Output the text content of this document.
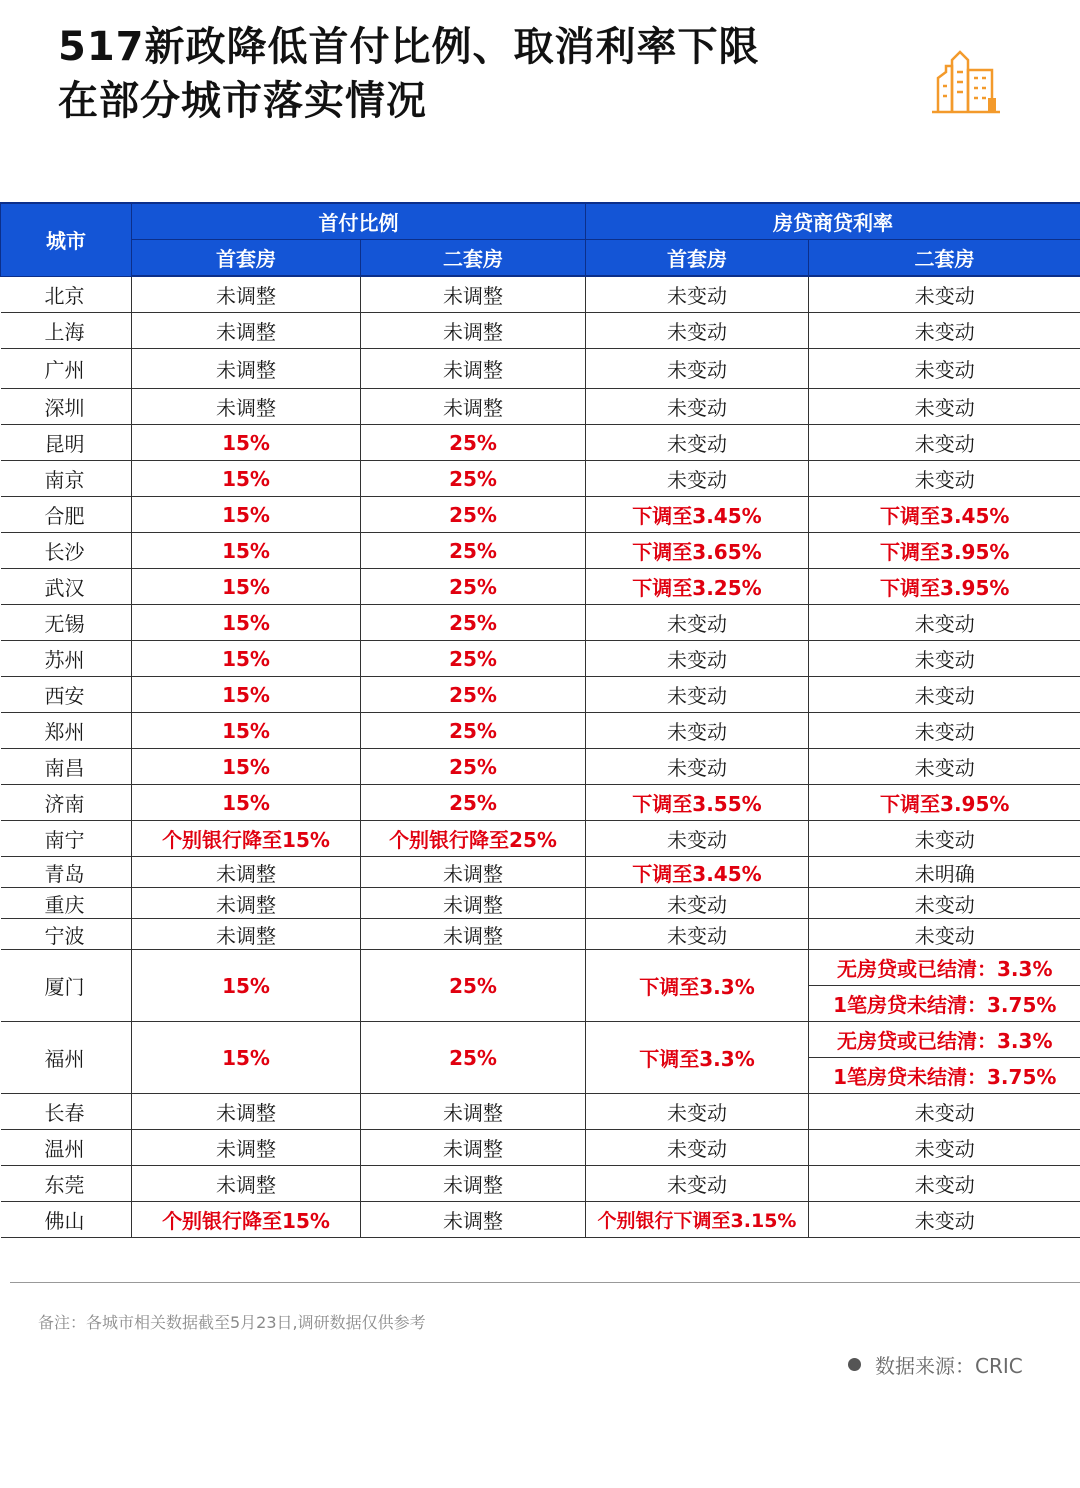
517新政降低首付比例、取消利率下限
在部分城市落实情况
城市	首付比例		房贷商贷利率	
	首套房	二套房	首套房	二套房
北京	未调整	未调整	未变动	未变动
上海	未调整	未调整	未变动	未变动
广州	未调整	未调整	未变动	未变动
深圳	未调整	未调整	未变动	未变动
昆明	15%	25%	未变动	未变动
南京	15%	25%	未变动	未变动
合肥	15%	25%	下调至3.45%	下调至3.45%
长沙	15%	25%	下调至3.65%	下调至3.95%
武汉	15%	25%	下调至3.25%	下调至3.95%
无锡	15%	25%	未变动	未变动
苏州	15%	25%	未变动	未变动
西安	15%	25%	未变动	未变动
郑州	15%	25%	未变动	未变动
南昌	15%	25%	未变动	未变动
济南	15%	25%	下调至3.55%	下调至3.95%
南宁	个别银行降至15%	个别银行降至25%	未变动	未变动
青岛	未调整	未调整	下调至3.45%	未明确
重庆	未调整	未调整	未变动	未变动
宁波	未调整	未调整	未变动	未变动
厦门	15%	25%	下调至3.3%	无房贷或已结清：3.3%
				1笔房贷未结清：3.75%
福州	15%	25%	下调至3.3%	无房贷或已结清：3.3%
				1笔房贷未结清：3.75%
长春	未调整	未调整	未变动	未变动
温州	未调整	未调整	未变动	未变动
东莞	未调整	未调整	未变动	未变动
佛山	个别银行降至15%	未调整	个别银行下调至3.15%	未变动
备注：各城市相关数据截至5月23日,调研数据仅供参考
数据来源：CRIC
